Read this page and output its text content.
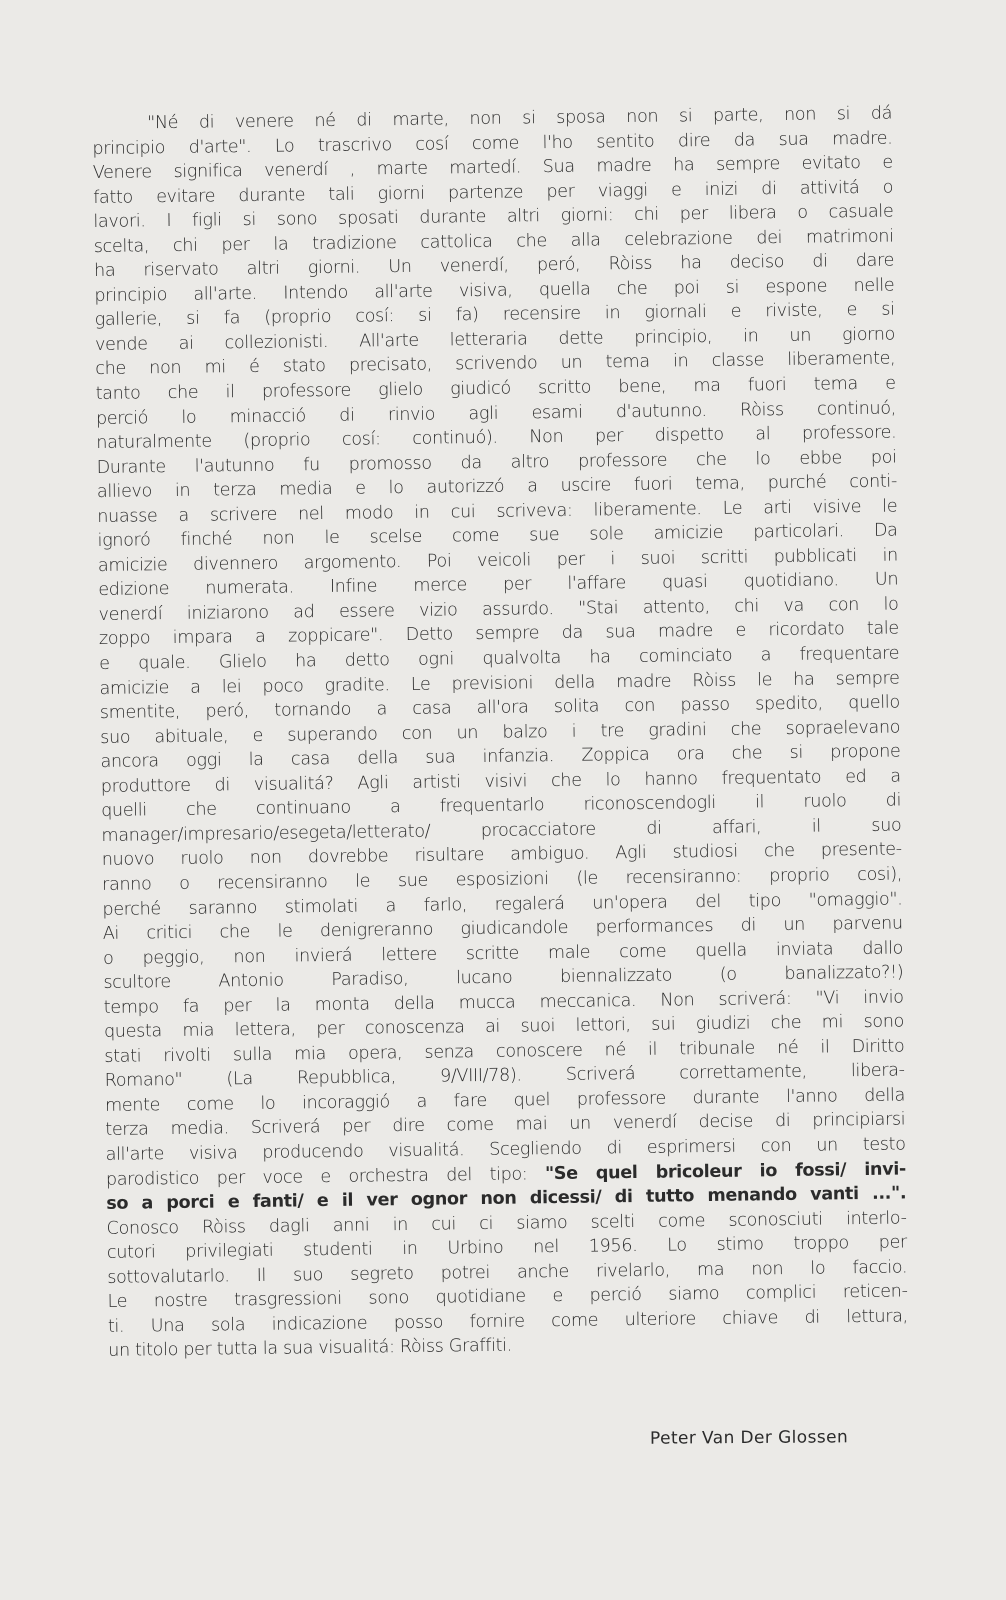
"Né di venere né di marte, non si sposa non si parte, non si dá
principio d'arte". Lo trascrivo cosí come l'ho sentito dire da sua madre.
Venere significa venerdí , marte martedí. Sua madre ha sempre evitato e
fatto evitare durante tali giorni partenze per viaggi e inizi di attivitá o
lavori. I figli si sono sposati durante altri giorni: chi per libera o casuale
scelta, chi per la tradizione cattolica che alla celebrazione dei matrimoni
ha riservato altri giorni. Un venerdí, peró, Ròiss ha deciso di dare
principio all'arte. Intendo all'arte visiva, quella che poi si espone nelle
gallerie, si fa (proprio cosí: si fa) recensire in giornali e riviste, e si
vende ai collezionisti. All'arte letteraria dette principio, in un giorno
che non mi é stato precisato, scrivendo un tema in classe liberamente,
tanto che il professore glielo giudicó scritto bene, ma fuori tema e
perció lo minacció di rinvio agli esami d'autunno. Ròiss continuó,
naturalmente (proprio cosí: continuó). Non per dispetto al professore.
Durante l'autunno fu promosso da altro professore che lo ebbe poi
allievo in terza media e lo autorizzó a uscire fuori tema, purché conti-
nuasse a scrivere nel modo in cui scriveva: liberamente. Le arti visive le
ignoró finché non le scelse come sue sole amicizie particolari. Da
amicizie divennero argomento. Poi veicoli per i suoi scritti pubblicati in
edizione numerata. Infine merce per l'affare quasi quotidiano. Un
venerdí iniziarono ad essere vizio assurdo. "Stai attento, chi va con lo
zoppo impara a zoppicare". Detto sempre da sua madre e ricordato tale
e quale. Glielo ha detto ogni qualvolta ha cominciato a frequentare
amicizie a lei poco gradite. Le previsioni della madre Ròiss le ha sempre
smentite, peró, tornando a casa all'ora solita con passo spedito, quello
suo abituale, e superando con un balzo i tre gradini che sopraelevano
ancora oggi la casa della sua infanzia. Zoppica ora che si propone
produttore di visualitá? Agli artisti visivi che lo hanno frequentato ed a
quelli che continuano a frequentarlo riconoscendogli il ruolo di
manager/impresario/esegeta/letterato/ procacciatore di affari, il suo
nuovo ruolo non dovrebbe risultare ambiguo. Agli studiosi che presente-
ranno o recensiranno le sue esposizioni (le recensiranno: proprio cosi),
perché saranno stimolati a farlo, regalerá un'opera del tipo "omaggio".
Ai critici che le denigreranno giudicandole performances di un parvenu
o peggio, non invierá lettere scritte male come quella inviata dallo
scultore Antonio Paradiso, lucano biennalizzato (o banalizzato?!)
tempo fa per la monta della mucca meccanica. Non scriverá: "Vi invio
questa mia lettera, per conoscenza ai suoi lettori, sui giudizi che mi sono
stati rivolti sulla mia opera, senza conoscere né il tribunale né il Diritto
Romano" (La Repubblica, 9/VIII/78). Scriverá correttamente, libera-
mente come lo incoraggió a fare quel professore durante l'anno della
terza media. Scriverá per dire come mai un venerdí decise di principiarsi
all'arte visiva producendo visualitá. Scegliendo di esprimersi con un testo
parodistico per voce e orchestra del tipo: "Se quel bricoleur io fossi/ invi-
so a porci e fanti/ e il ver ognor non dicessi/ di tutto menando vanti ...".
Conosco Ròiss dagli anni in cui ci siamo scelti come sconosciuti interlo-
cutori privilegiati studenti in Urbino nel 1956. Lo stimo troppo per
sottovalutarlo. Il suo segreto potrei anche rivelarlo, ma non lo faccio.
Le nostre trasgressioni sono quotidiane e perció siamo complici reticen-
ti. Una sola indicazione posso fornire come ulteriore chiave di lettura,
un titolo per tutta la sua visualitá: Ròiss Graffiti.
Peter Van Der Glossen
